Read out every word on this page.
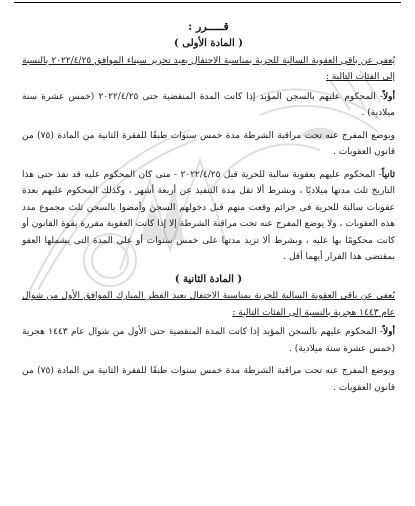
قـــــرر :

( المادة الأولى )

يُعفى عن باقى العقوبة السالبة للحرية بمناسبة الاحتفال بعيد تحرير سيناء الموافق ٢٠٢٢/٤/٢٥ بالنسبة إلى الفئات التالية :

أولاً- المحكوم عليهم بالسجن المؤبد إذا كانت المدة المنقضية حتى ٢٠٢٢/٤/٢٥ (خمس عشرة سنة ميلادية) .

ويوضع المفرج عنه تحت مراقبة الشرطة مدة خمس سنوات طبقًا للفقرة الثانية من المادة (٧٥) من قانون العقوبات .

ثانياً- المحكوم عليهم بعقوبة سالبة للحرية قبل ٢٠٢٢/٤/٢٥ - متى كان المحكوم عليه قد نفذ حتى هذا التاريخ ثلث مدتها ميلاديًا ، وبشرط ألا تقل مدة التنفيذ عن أربعة أشهر ، وكذلك المحكوم عليهم بعدة عقوبات سالبة للحرية فى جرائم وقعت منهم قبل دخولهم السجن وأمضوا بالسجن ثلث مجموع مدد هذه العقوبات ، ولا يوضع المفرج عنه تحت مراقبة الشرطة إلا إذا كانت العقوبة مقررة بقوة القانون أو كانت محكومًا بها عليه ، وبشرط ألا تزيد مدتها على خمس سنوات أو على المدة التى يشملها العفو بمقتضى هذا القرار أيهما أقل .

( المادة الثانية )

يُعفى عن باقى العقوبة السالبة للحرية بمناسبة الاحتفال بعيد الفطر المبارك الموافق الأول من شوال عام ١٤٤٣ هجرية بالنسبة إلى الفئات التالية :

أولاً- المحكوم عليهم بالسجن المؤبد إذا كانت المدة المنقضية حتى الأول من شوال عام ١٤٤٣ هجرية (خمس عشرة سنة ميلادية) .

ويوضع المفرج عنه تحت مراقبة الشرطة مدة خمس سنوات طبقًا للفقرة الثانية من المادة (٧٥) من قانون العقوبات .
